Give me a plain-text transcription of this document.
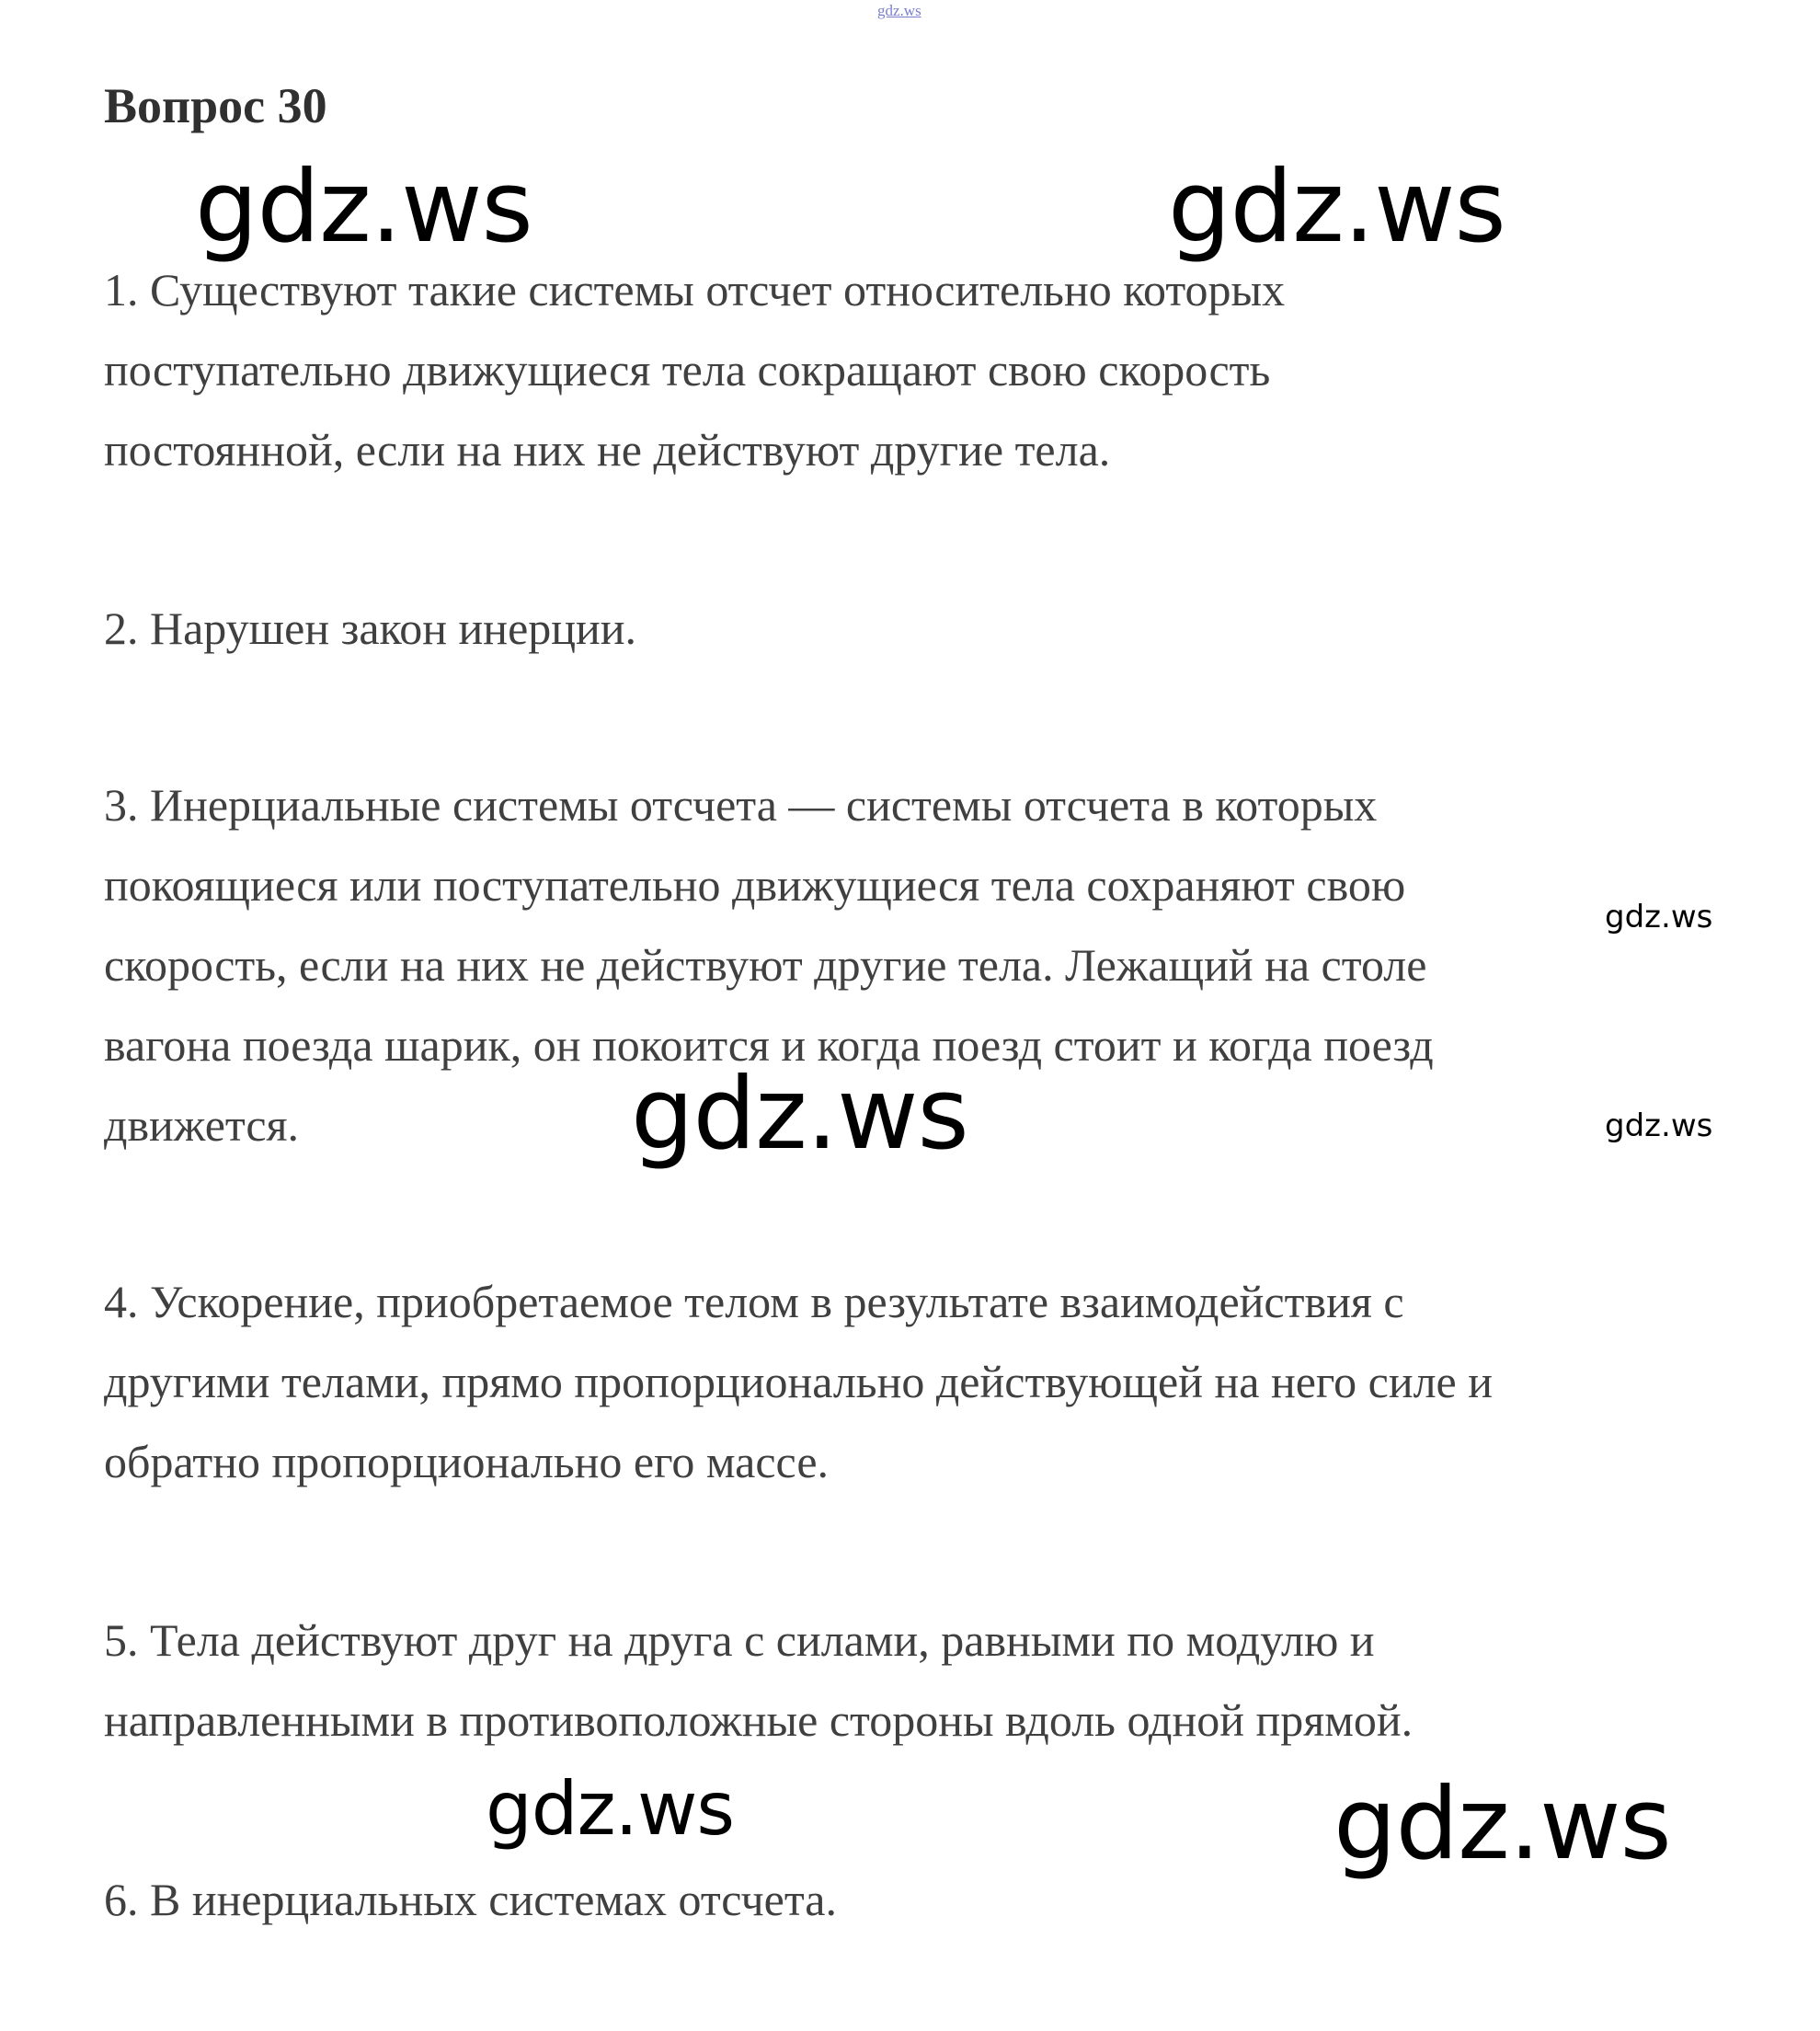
gdz.ws
Вопрос 30
1. Существуют такие системы отсчет относительно которых
поступательно движущиеся тела сокращают свою скорость
постоянной, если на них не действуют другие тела.
2. Нарушен закон инерции.
3. Инерциальные системы отсчета — системы отсчета в которых
покоящиеся или поступательно движущиеся тела сохраняют свою
скорость, если на них не действуют другие тела. Лежащий на столе
вагона поезда шарик, он покоится и когда поезд стоит и когда поезд
движется.
4. Ускорение, приобретаемое телом в результате взаимодействия с
другими телами, прямо пропорционально действующей на него силе и
обратно пропорционально его массе.
5. Тела действуют друг на друга с силами, равными по модулю и
направленными в противоположные стороны вдоль одной прямой.
6. В инерциальных системах отсчета.
gdz.ws	gdz.ws
gdz.ws
gdz.ws	gdz.ws
gdz.ws	gdz.ws
